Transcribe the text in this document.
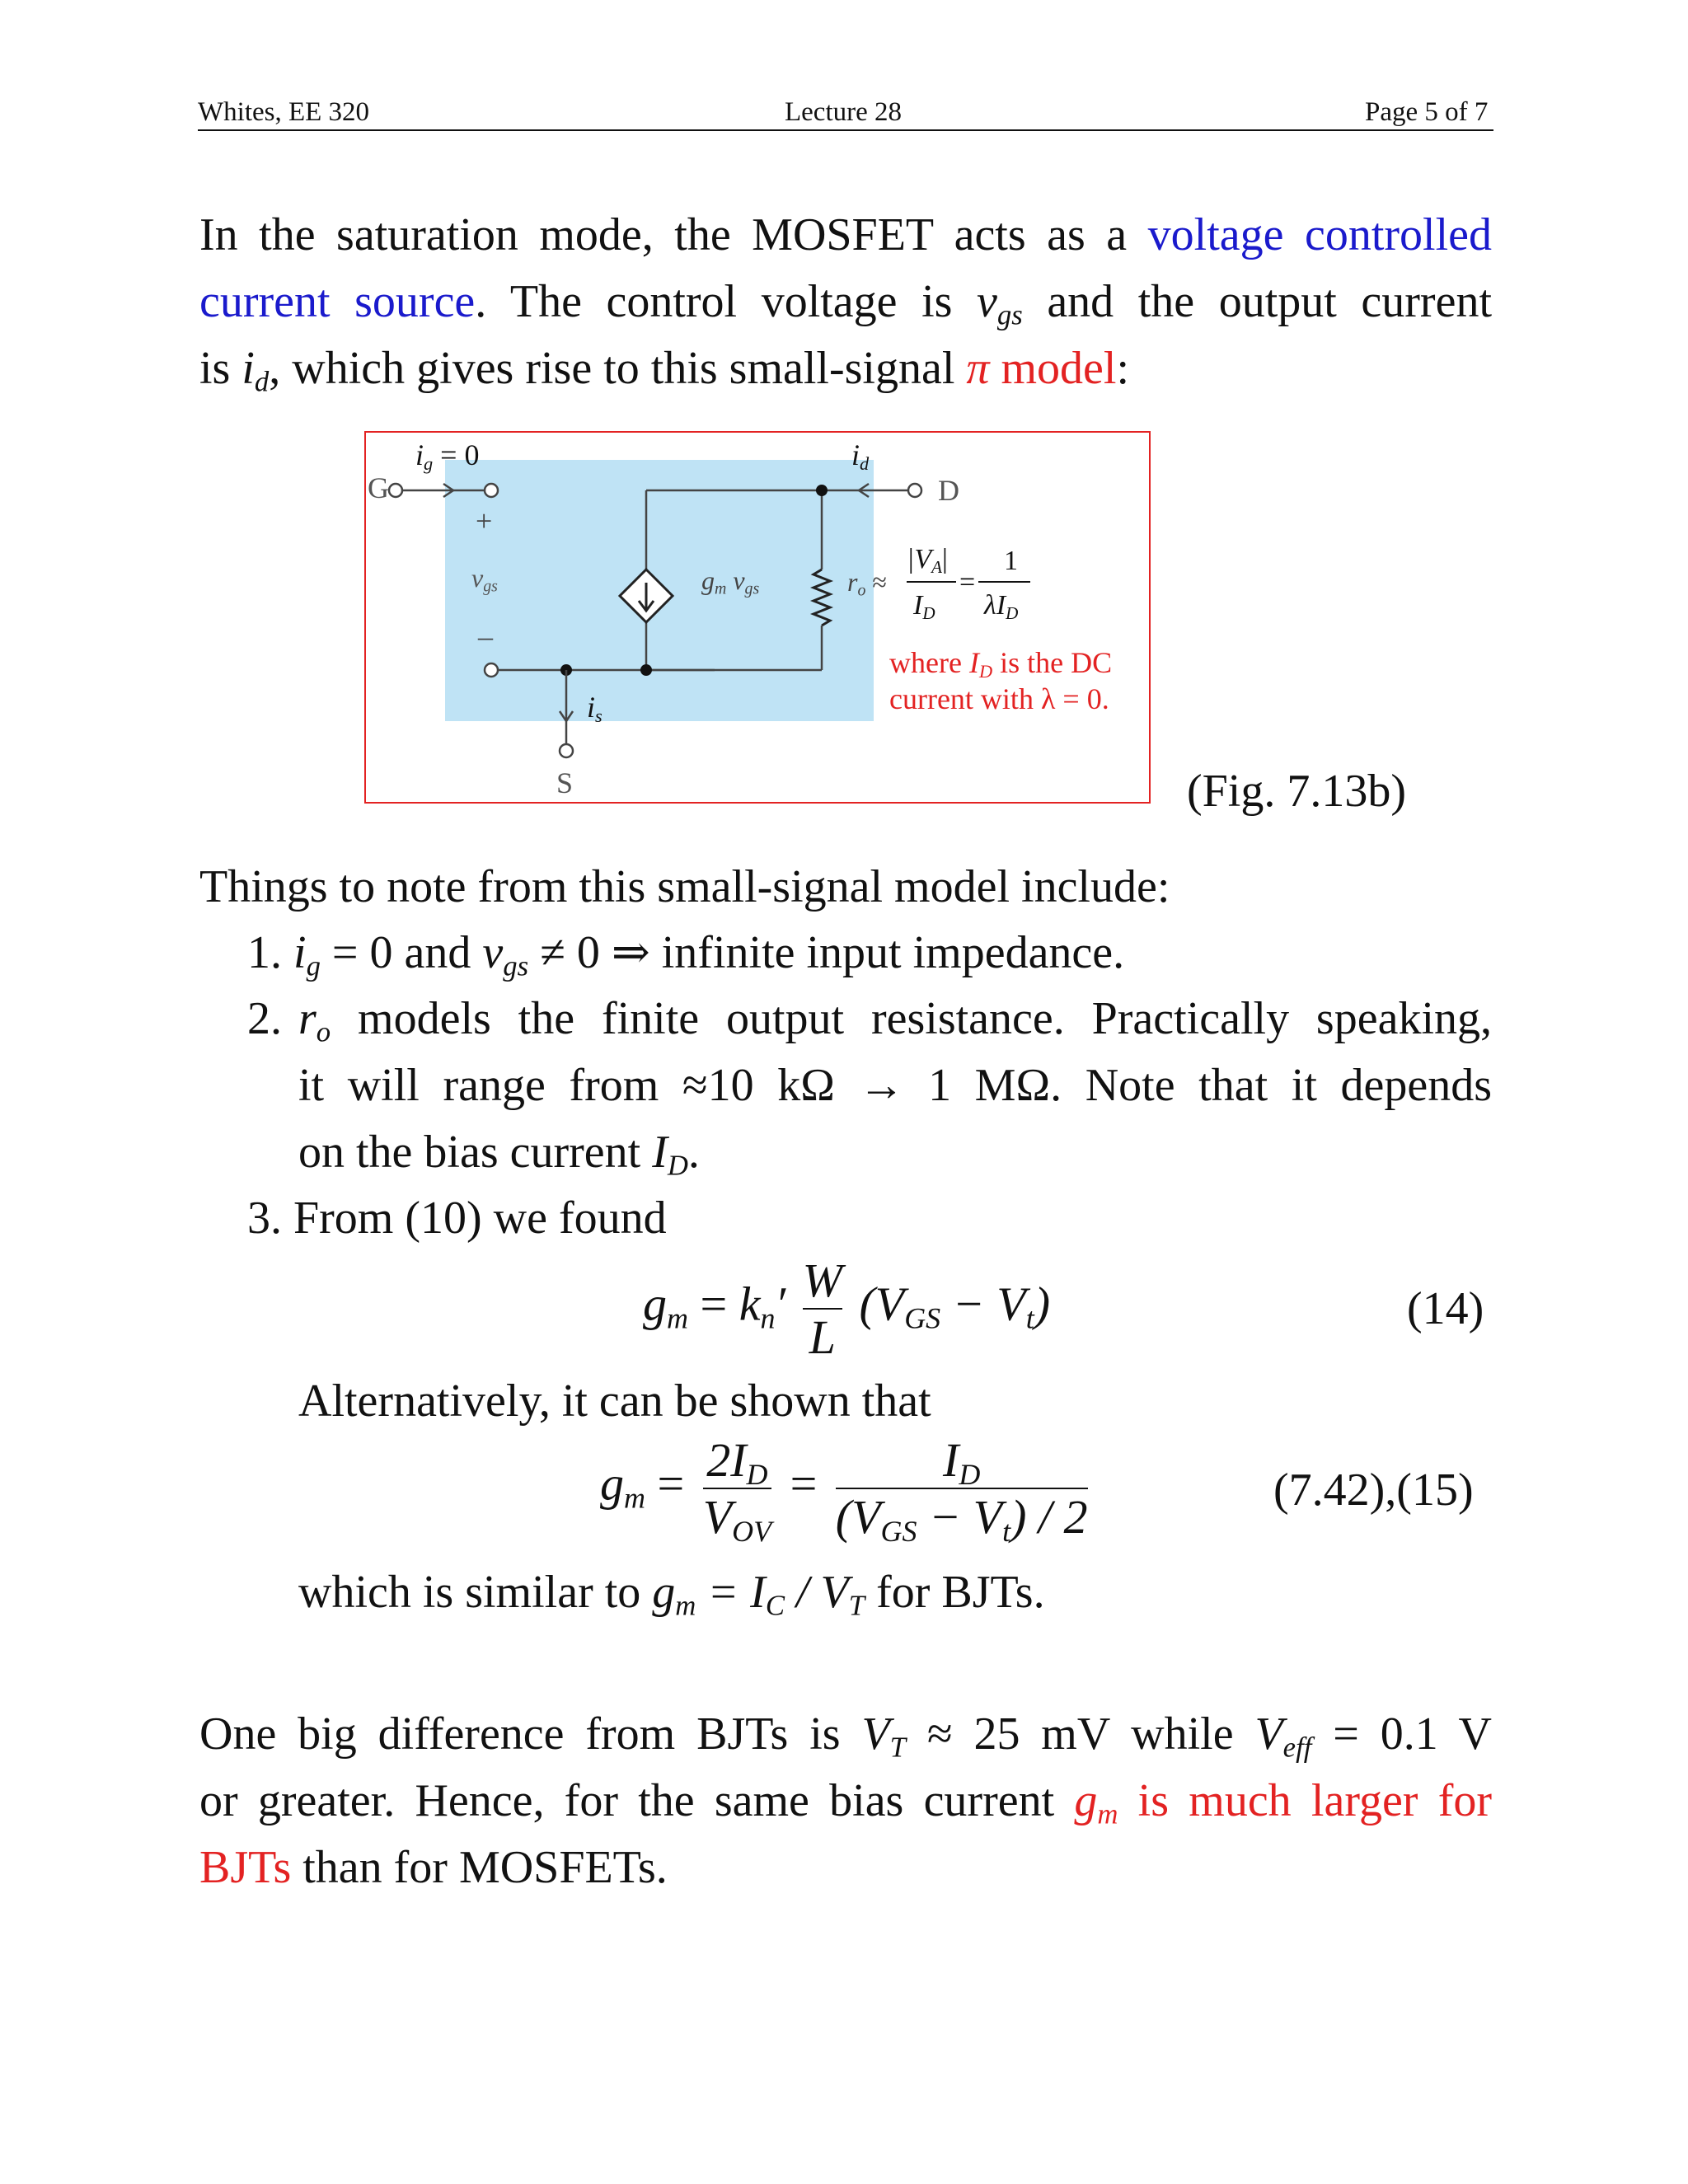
Whites, EE 320	Lecture 28	Page 5 of 7
In the saturation mode, the MOSFET acts as a voltage controlled
current source. The control voltage is $v_{gs}$ and the output current
is $i_d$, which gives rise to this small-signal π model:
$i_g = 0$	$i_d$
G	D
S
+
–
$v_{gs}$	$g_m$ $v_{gs}$
$i_s$
$r_o$ ≈
$|V_A|$
$I_D$
=
1
$\lambda I_D$
where $I_D$ is the DC
current with λ = 0.
(Fig. 7.13b)
Things to note from this small-signal model include:
1. $i_g = 0$ and $v_{gs} \ne 0$ ⇒ infinite input impedance.
2. $r_o$ models the finite output resistance. Practically speaking,
it will range from ≈10 kΩ → 1 MΩ. Note that it depends
on the bias current $I_D$.
3. From (10) we found
$g_m = k_n' \frac{W}{L} (V_{GS} - V_t)$	(14)
Alternatively, it can be shown that
$g_m = \frac{2I_D}{V_{OV}} = \frac{I_D}{(V_{GS} - V_t) / 2}$	(7.42),(15)
which is similar to $g_m = I_C / V_T$ for BJTs.
One big difference from BJTs is $V_T \approx 25$ mV while $V_{eff} = 0.1$ V
or greater. Hence, for the same bias current $g_m$ is much larger for
BJTs than for MOSFETs.
